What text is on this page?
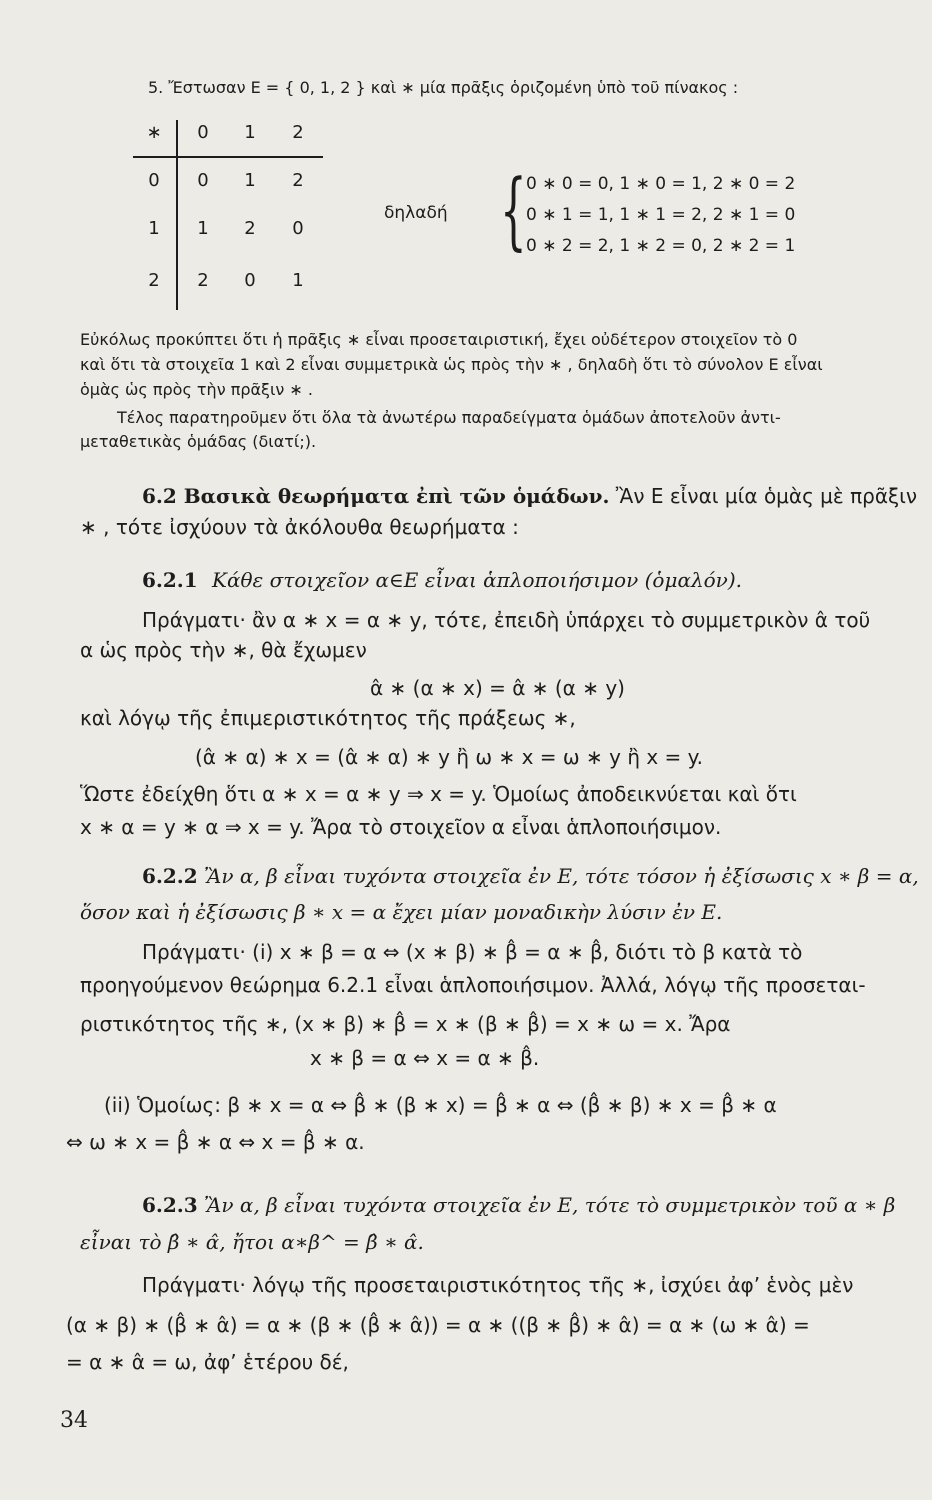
5. Ἔστωσαν E = { 0, 1, 2 } καὶ ∗ μία πρᾶξις ὁριζομένη ὑπὸ τοῦ πίνακος :
∗	0	1	2
0	0	1	2
1	1	2	0
2	2	0	1
δηλαδή { 0 ∗ 0 = 0, 1 ∗ 0 = 1, 2 ∗ 0 = 2
0 ∗ 1 = 1, 1 ∗ 1 = 2, 2 ∗ 1 = 0
0 ∗ 2 = 2, 1 ∗ 2 = 0, 2 ∗ 2 = 1
Εὐκόλως προκύπτει ὅτι ἡ πρᾶξις ∗ εἶναι προσεταιριστική, ἔχει οὐδέτερον στοιχεῖον τὸ 0
καὶ ὅτι τὰ στοιχεῖα 1 καὶ 2 εἶναι συμμετρικὰ ὡς πρὸς τὴν ∗ , δηλαδὴ ὅτι τὸ σύνολον E εἶναι
ὁμὰς ὡς πρὸς τὴν πρᾶξιν ∗ .
Τέλος παρατηροῦμεν ὅτι ὅλα τὰ ἀνωτέρω παραδείγματα ὁμάδων ἀποτελοῦν ἀντι-
μεταθετικὰς ὁμάδας (διατί;).
6.2 Βασικὰ θεωρήματα ἐπὶ τῶν ὁμάδων. Ἂν E εἶναι μία ὁμὰς μὲ πρᾶξιν
∗ , τότε ἰσχύουν τὰ ἀκόλουθα θεωρήματα :
6.2.1 Κάθε στοιχεῖον α∈E εἶναι ἁπλοποιήσιμον (ὁμαλόν).
Πράγματι· ἂν α ∗ x = α ∗ y, τότε, ἐπειδὴ ὑπάρχει τὸ συμμετρικὸν α̂ τοῦ
α ὡς πρὸς τὴν ∗, θὰ ἔχωμεν
α̂ ∗ (α ∗ x) = α̂ ∗ (α ∗ y)
καὶ λόγῳ τῆς ἐπιμεριστικότητος τῆς πράξεως ∗,
(α̂ ∗ α) ∗ x = (α̂ ∗ α) ∗ y ἢ ω ∗ x = ω ∗ y ἢ x = y.
Ὥστε ἐδείχθη ὅτι α ∗ x = α ∗ y ⇒ x = y. Ὁμοίως ἀποδεικνύεται καὶ ὅτι
x ∗ α = y ∗ α ⇒ x = y. Ἄρα τὸ στοιχεῖον α εἶναι ἁπλοποιήσιμον.
6.2.2 Ἂν α, β εἶναι τυχόντα στοιχεῖα ἐν E, τότε τόσον ἡ ἐξίσωσις x ∗ β = α,
ὅσον καὶ ἡ ἐξίσωσις β ∗ x = α ἔχει μίαν μοναδικὴν λύσιν ἐν E.
Πράγματι· (i) x ∗ β = α ⇔ (x ∗ β) ∗ β̂ = α ∗ β̂, διότι τὸ β κατὰ τὸ
προηγούμενον θεώρημα 6.2.1 εἶναι ἁπλοποιήσιμον. Ἀλλά, λόγῳ τῆς προσεται-
ριστικότητος τῆς ∗, (x ∗ β) ∗ β̂ = x ∗ (β ∗ β̂) = x ∗ ω = x. Ἄρα
x ∗ β = α ⇔ x = α ∗ β̂.
(ii) Ὁμοίως: β ∗ x = α ⇔ β̂ ∗ (β ∗ x) = β̂ ∗ α ⇔ (β̂ ∗ β) ∗ x = β̂ ∗ α
⇔ ω ∗ x = β̂ ∗ α ⇔ x = β̂ ∗ α.
6.2.3 Ἂν α, β εἶναι τυχόντα στοιχεῖα ἐν E, τότε τὸ συμμετρικὸν τοῦ α ∗ β
εἶναι τὸ β̂ ∗ α̂, ἤτοι α∗β^ = β̂ ∗ α̂.
Πράγματι· λόγῳ τῆς προσεταιριστικότητος τῆς ∗, ἰσχύει ἀφ’ ἑνὸς μὲν
(α ∗ β) ∗ (β̂ ∗ α̂) = α ∗ (β ∗ (β̂ ∗ α̂)) = α ∗ ((β ∗ β̂) ∗ α̂) = α ∗ (ω ∗ α̂) =
= α ∗ α̂ = ω, ἀφ’ ἑτέρου δέ,
34
